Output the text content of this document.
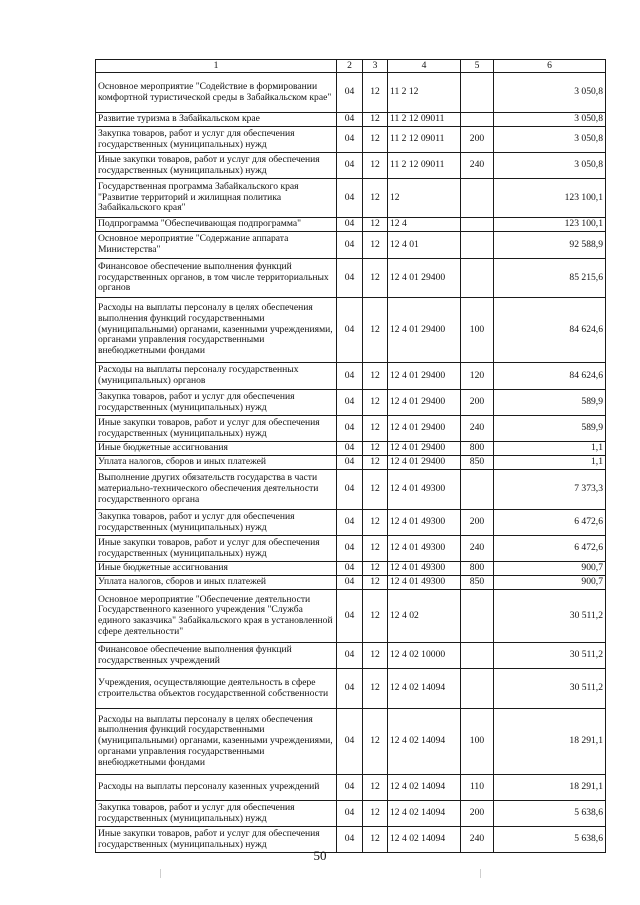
1	2	3	4	5	6
Основное мероприятие "Содействие в формировании комфортной туристической среды в Забайкальском крае"	04	12	11 2 12		3 050,8
Развитие туризма в Забайкальском крае	04	12	11 2 12 09011		3 050,8
Закупка товаров, работ и услуг для обеспечения государственных (муниципальных) нужд	04	12	11 2 12 09011	200	3 050,8
Иные закупки товаров, работ и услуг для обеспечения государственных (муниципальных) нужд	04	12	11 2 12 09011	240	3 050,8
Государственная программа Забайкальского края "Развитие территорий и жилищная политика Забайкальского края"	04	12	12		123 100,1
Подпрограмма "Обеспечивающая подпрограмма"	04	12	12 4		123 100,1
Основное мероприятие "Содержание аппарата Министерства"	04	12	12 4 01		92 588,9
Финансовое обеспечение выполнения функций государственных органов, в том числе территориальных органов	04	12	12 4 01 29400		85 215,6
Расходы на выплаты персоналу в целях обеспечения выполнения функций государственными (муниципальными) органами, казенными учреждениями, органами управления государственными внебюджетными фондами	04	12	12 4 01 29400	100	84 624,6
Расходы на выплаты персоналу государственных (муниципальных) органов	04	12	12 4 01 29400	120	84 624,6
Закупка товаров, работ и услуг для обеспечения государственных (муниципальных) нужд	04	12	12 4 01 29400	200	589,9
Иные закупки товаров, работ и услуг для обеспечения государственных (муниципальных) нужд	04	12	12 4 01 29400	240	589,9
Иные бюджетные ассигнования	04	12	12 4 01 29400	800	1,1
Уплата налогов, сборов и иных платежей	04	12	12 4 01 29400	850	1,1
Выполнение других обязательств государства в части материально-технического обеспечения деятельности государственного органа	04	12	12 4 01 49300		7 373,3
Закупка товаров, работ и услуг для обеспечения государственных (муниципальных) нужд	04	12	12 4 01 49300	200	6 472,6
Иные закупки товаров, работ и услуг для обеспечения государственных (муниципальных) нужд	04	12	12 4 01 49300	240	6 472,6
Иные бюджетные ассигнования	04	12	12 4 01 49300	800	900,7
Уплата налогов, сборов и иных платежей	04	12	12 4 01 49300	850	900,7
Основное мероприятие "Обеспечение деятельности Государственного казенного учреждения "Служба единого заказчика" Забайкальского края в установленной сфере деятельности"	04	12	12 4 02		30 511,2
Финансовое обеспечение выполнения функций государственных учреждений	04	12	12 4 02 10000		30 511,2
Учреждения, осуществляющие деятельность в сфере строительства объектов государственной собственности	04	12	12 4 02 14094		30 511,2
Расходы на выплаты персоналу в целях обеспечения выполнения функций государственными (муниципальными) органами, казенными учреждениями, органами управления государственными внебюджетными фондами	04	12	12 4 02 14094	100	18 291,1
Расходы на выплаты персоналу казенных учреждений	04	12	12 4 02 14094	110	18 291,1
Закупка товаров, работ и услуг для обеспечения государственных (муниципальных) нужд	04	12	12 4 02 14094	200	5 638,6
Иные закупки товаров, работ и услуг для обеспечения государственных (муниципальных) нужд	04	12	12 4 02 14094	240	5 638,6
50
